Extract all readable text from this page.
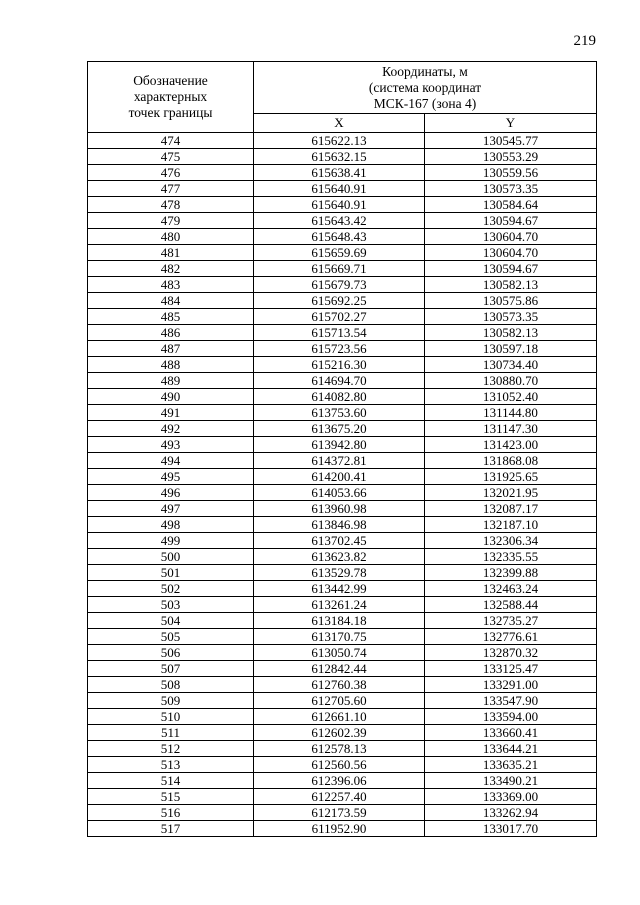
219
Обозначение
характерных
точек границы	Координаты, м
(система координат
МСК-167 (зона 4)	

	X	Y
474	615622.13	130545.77
475	615632.15	130553.29
476	615638.41	130559.56
477	615640.91	130573.35
478	615640.91	130584.64
479	615643.42	130594.67
480	615648.43	130604.70
481	615659.69	130604.70
482	615669.71	130594.67
483	615679.73	130582.13
484	615692.25	130575.86
485	615702.27	130573.35
486	615713.54	130582.13
487	615723.56	130597.18
488	615216.30	130734.40
489	614694.70	130880.70
490	614082.80	131052.40
491	613753.60	131144.80
492	613675.20	131147.30
493	613942.80	131423.00
494	614372.81	131868.08
495	614200.41	131925.65
496	614053.66	132021.95
497	613960.98	132087.17
498	613846.98	132187.10
499	613702.45	132306.34
500	613623.82	132335.55
501	613529.78	132399.88
502	613442.99	132463.24
503	613261.24	132588.44
504	613184.18	132735.27
505	613170.75	132776.61
506	613050.74	132870.32
507	612842.44	133125.47
508	612760.38	133291.00
509	612705.60	133547.90
510	612661.10	133594.00
511	612602.39	133660.41
512	612578.13	133644.21
513	612560.56	133635.21
514	612396.06	133490.21
515	612257.40	133369.00
516	612173.59	133262.94
517	611952.90	133017.70
